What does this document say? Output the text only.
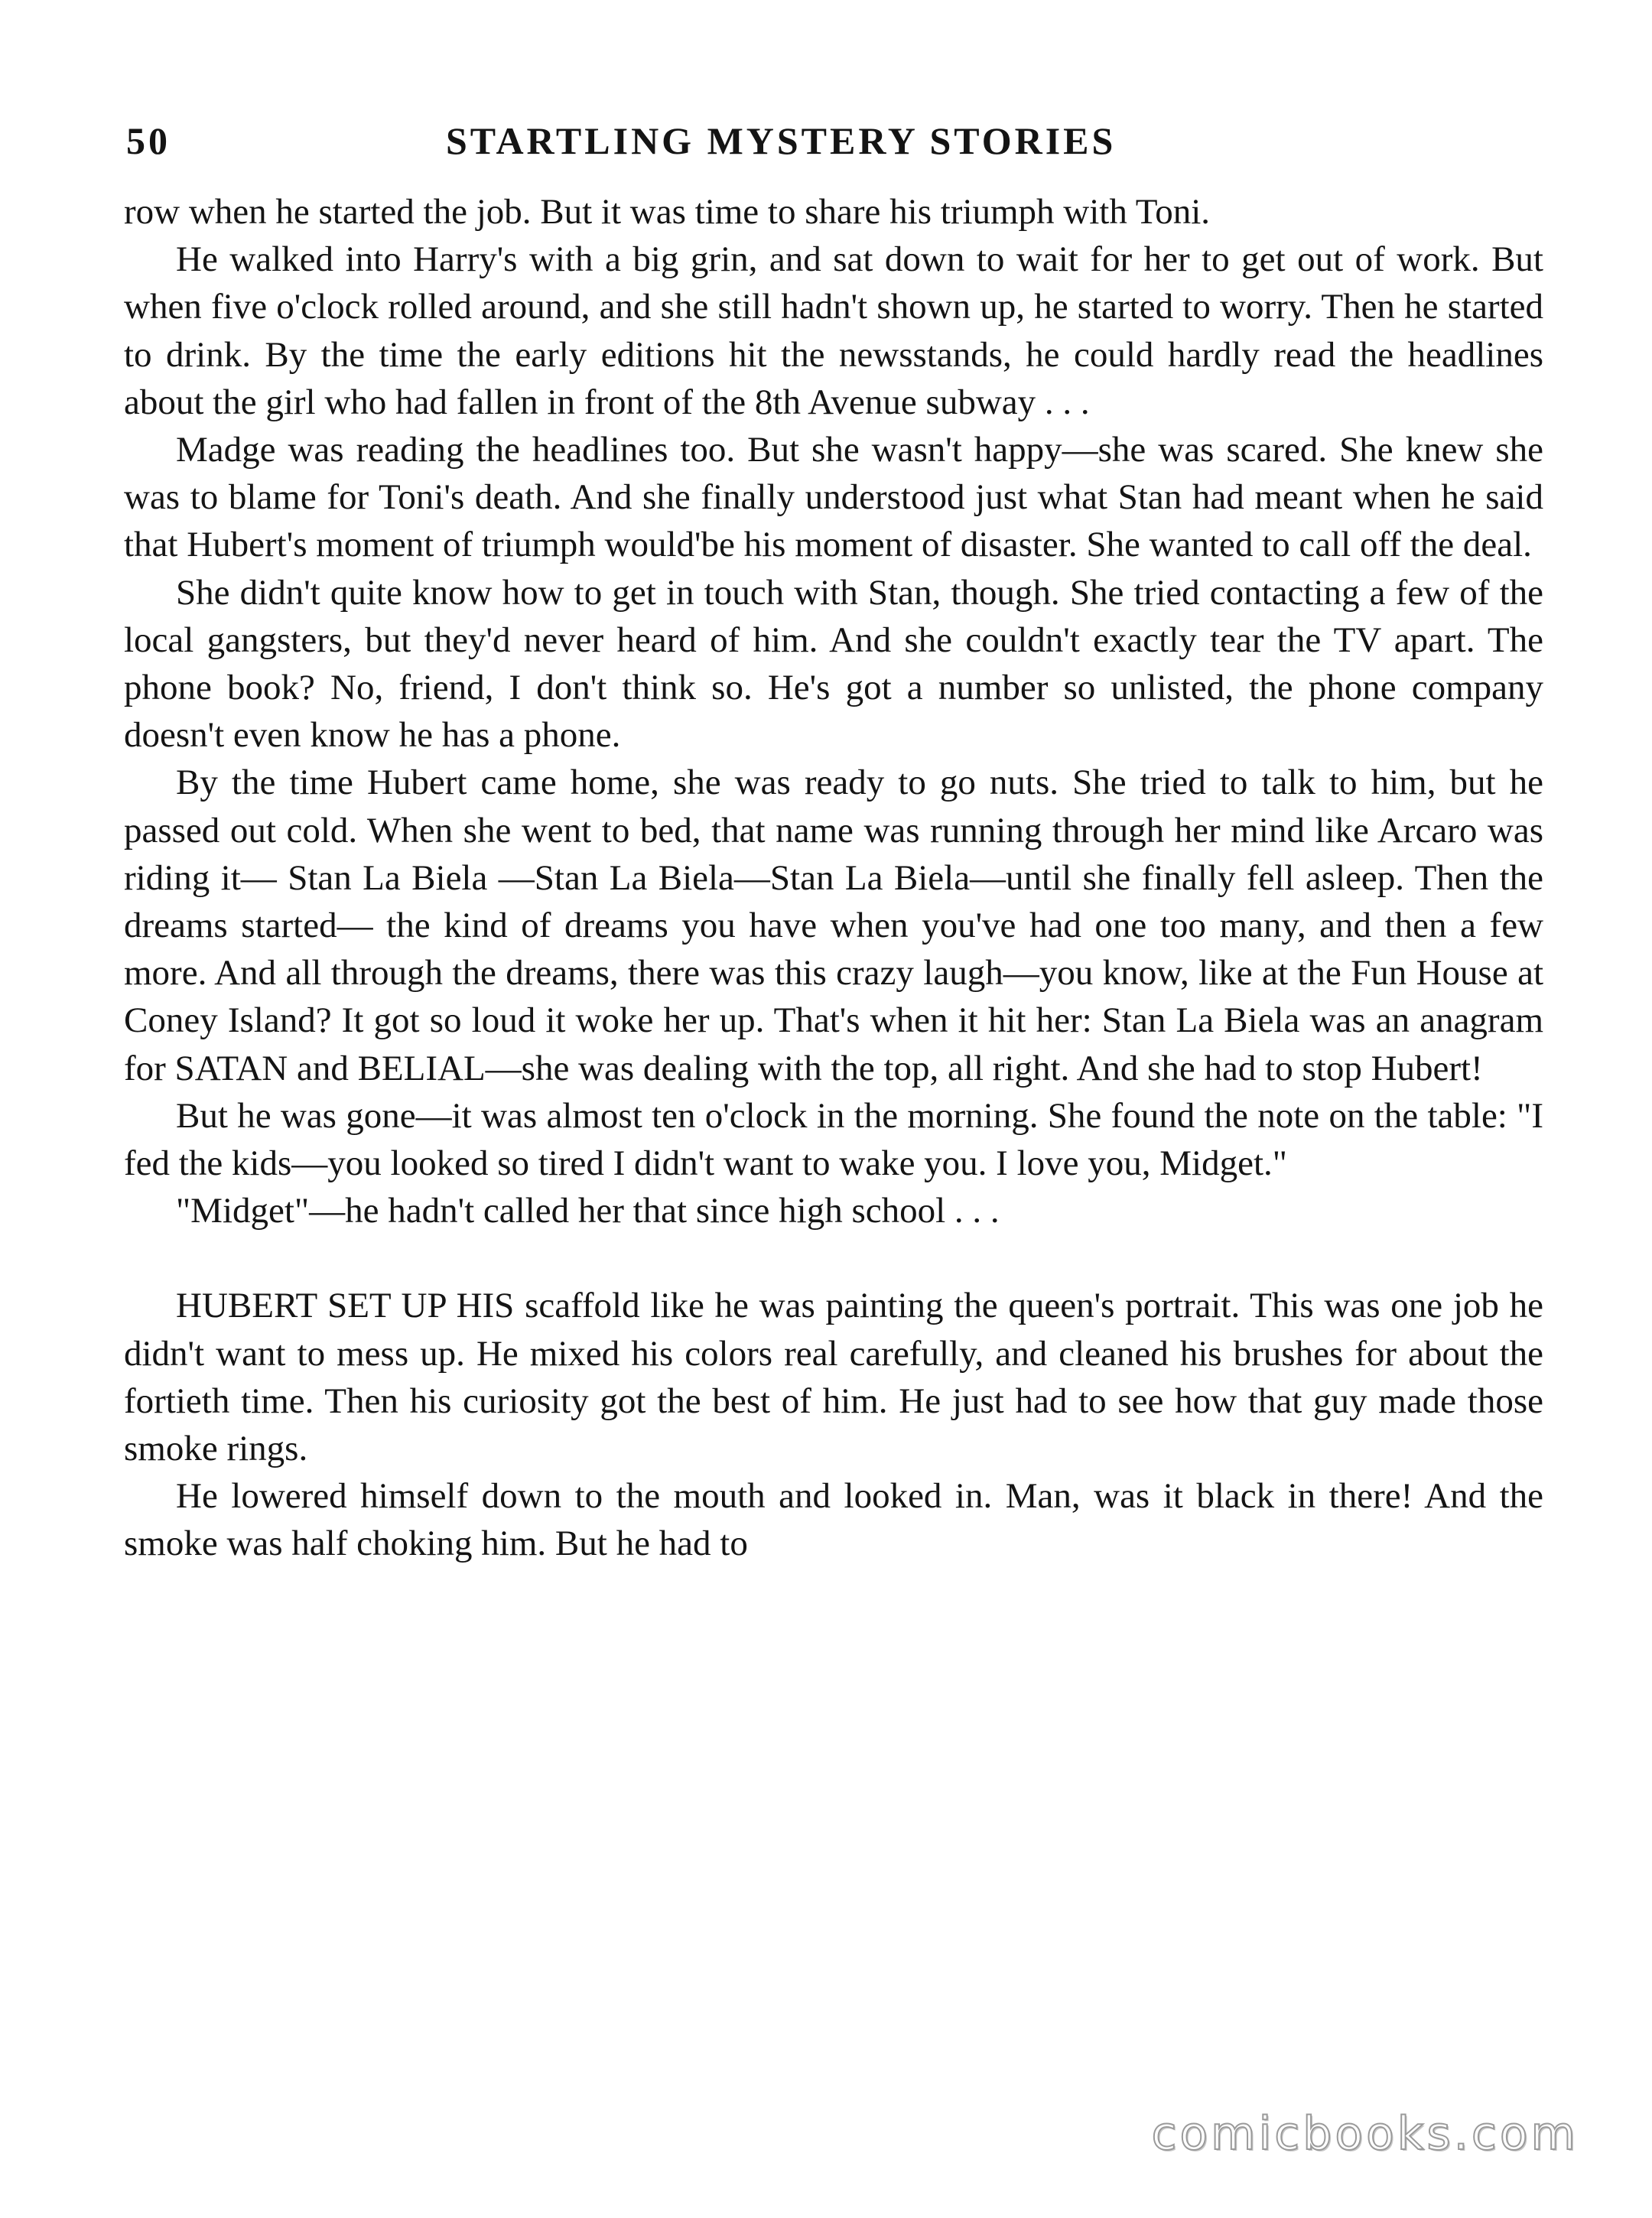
50	STARTLING MYSTERY STORIES

row when he started the job. But it was time to share his triumph with Toni.

He walked into Harry's with a big grin, and sat down to wait for her to get out of work. But when five o'clock rolled around, and she still hadn't shown up, he started to worry. Then he started to drink. By the time the early editions hit the newsstands, he could hardly read the headlines about the girl who had fallen in front of the 8th Avenue subway . . .

Madge was reading the headlines too. But she wasn't happy—she was scared. She knew she was to blame for Toni's death. And she finally understood just what Stan had meant when he said that Hubert's moment of triumph would'be his moment of disaster. She wanted to call off the deal.

She didn't quite know how to get in touch with Stan, though. She tried contacting a few of the local gangsters, but they'd never heard of him. And she couldn't exactly tear the TV apart. The phone book? No, friend, I don't think so. He's got a number so unlisted, the phone company doesn't even know he has a phone.

By the time Hubert came home, she was ready to go nuts. She tried to talk to him, but he passed out cold. When she went to bed, that name was running through her mind like Arcaro was riding it— Stan La Biela —Stan La Biela—Stan La Biela—until she finally fell asleep. Then the dreams started— the kind of dreams you have when you've had one too many, and then a few more. And all through the dreams, there was this crazy laugh—you know, like at the Fun House at Coney Island? It got so loud it woke her up. That's when it hit her: Stan La Biela was an anagram for SATAN and BELIAL—she was dealing with the top, all right. And she had to stop Hubert!

But he was gone—it was almost ten o'clock in the morning. She found the note on the table: "I fed the kids—you looked so tired I didn't want to wake you. I love you, Midget."

"Midget"—he hadn't called her that since high school . . .

HUBERT SET UP HIS scaffold like he was painting the queen's portrait. This was one job he didn't want to mess up. He mixed his colors real carefully, and cleaned his brushes for about the fortieth time. Then his curiosity got the best of him. He just had to see how that guy made those smoke rings.

He lowered himself down to the mouth and looked in. Man, was it black in there! And the smoke was half choking him. But he had to

comicbooks.com
